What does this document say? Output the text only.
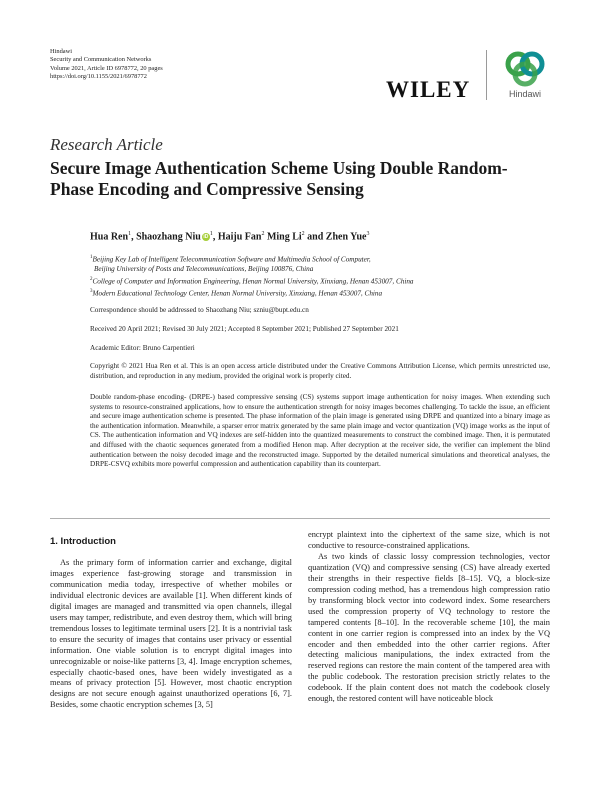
Hindawi
Security and Communication Networks
Volume 2021, Article ID 6978772, 20 pages
https://doi.org/10.1155/2021/6978772
WILEY	Hindawi
Research Article
Secure Image Authentication Scheme Using Double Random-Phase Encoding and Compressive Sensing
Hua Ren$^1$, Shaozhang Niu $iD^1$, Haiju Fan$^2$ Ming Li$^2$ and Zhen Yue$^3$
$^1$Beijing Key Lab of Intelligent Telecommunication Software and Multimedia School of Computer,
Beijing University of Posts and Telecommunications, Beijing 100876, China
$^2$College of Computer and Information Engineering, Henan Normal University, Xinxiang, Henan 453007, China
$^3$Modern Educational Technology Center, Henan Normal University, Xinxiang, Henan 453007, China
Correspondence should be addressed to Shaozhang Niu; szniu@bupt.edu.cn
Received 20 April 2021; Revised 30 July 2021; Accepted 8 September 2021; Published 27 September 2021
Academic Editor: Bruno Carpentieri
Copyright © 2021 Hua Ren et al. This is an open access article distributed under the Creative Commons Attribution License, which permits unrestricted use, distribution, and reproduction in any medium, provided the original work is properly cited.
Double random-phase encoding- (DRPE-) based compressive sensing (CS) systems support image authentication for noisy images. When extending such systems to resource-constrained applications, how to ensure the authentication strength for noisy images becomes challenging. To tackle the issue, an efficient and secure image authentication scheme is presented. The phase information of the plain image is generated using DRPE and quantized into a binary image as the authentication information. Meanwhile, a sparser error matrix generated by the same plain image and vector quantization (VQ) image works as the input of CS. The authentication information and VQ indexes are self-hidden into the quantized measurements to construct the combined image. Then, it is permutated and diffused with the chaotic sequences generated from a modified Henon map. After decryption at the receiver side, the verifier can implement the blind authentication between the noisy decoded image and the reconstructed image. Supported by the detailed numerical simulations and theoretical analyses, the DRPE-CSVQ exhibits more powerful compression and authentication capability than its counterpart.
1. Introduction

As the primary form of information carrier and exchange, digital images experience fast-growing storage and transmission in communication media today, irrespective of whether mobiles or individual electronic devices are available [1]. When different kinds of digital images are managed and transmitted via open channels, illegal users may tamper, redistribute, and even destroy them, which will bring tremendous losses to legitimate terminal users [2]. It is a nontrivial task to ensure the security of images that contains user privacy or essential information. One viable solution is to encrypt digital images into unrecognizable or noise-like patterns [3, 4]. Image encryption schemes, especially chaotic-based ones, have been widely investigated as a means of privacy protection [5]. However, most chaotic encryption designs are not secure enough against unauthorized operations [6, 7]. Besides, some chaotic encryption schemes [3, 5]

encrypt plaintext into the ciphertext of the same size, which is not conductive to resource-constrained applications.

As two kinds of classic lossy compression technologies, vector quantization (VQ) and compressive sensing (CS) have already exerted their strengths in their respective fields [8–15]. VQ, a block-size compression coding method, has a tremendous high compression ratio by transforming block vector into codeword index. Some researchers used the compression property of VQ technology to restore the tampered contents [8–10]. In the recoverable scheme [10], the main content in one carrier region is compressed into an index by the VQ encoder and then embedded into the other carrier regions. After detecting malicious manipulations, the index extracted from the reserved regions can restore the main content of the tampered area with the public codebook. The restoration precision strictly relates to the codebook. If the plain content does not match the codebook closely enough, the restored content will have noticeable block
